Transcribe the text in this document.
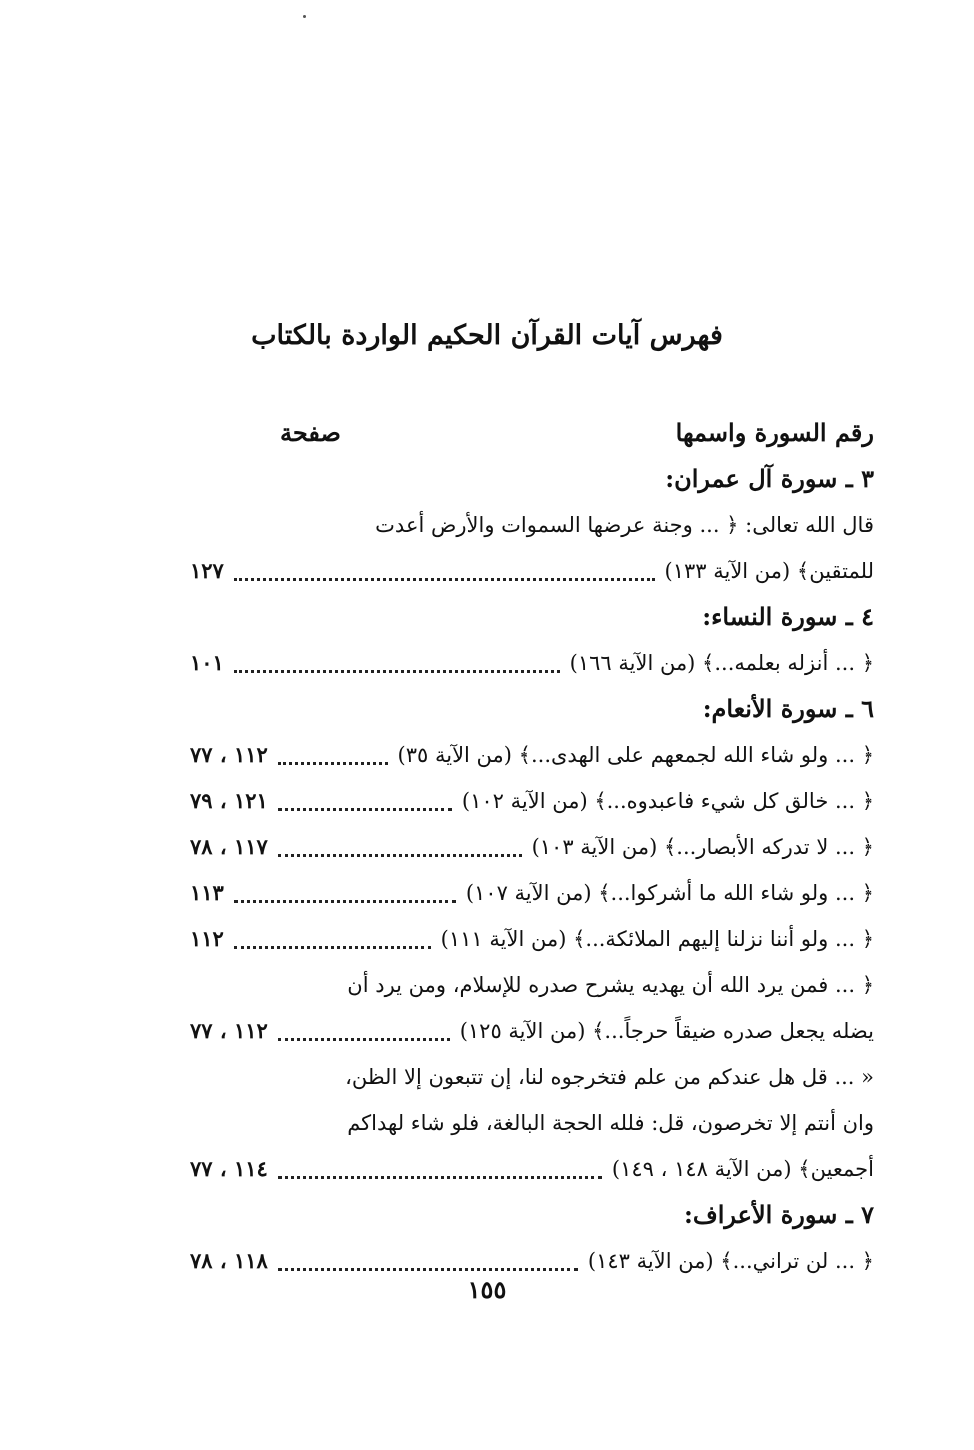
فهرس آيات القرآن الحكيم الواردة بالكتاب
رقم السورة واسمها
صفحة
٣ ـ سورة آل عمران:
قال الله تعالى: ﴿ ... وجنة عرضها السموات والأرض أعدت
للمتقين﴾ (من الآية ١٣٣)
١٢٧
٤ ـ سورة النساء:
﴿ ... أنزله بعلمه...﴾ (من الآية ١٦٦)
١٠١
٦ ـ سورة الأنعام:
﴿ ... ولو شاء الله لجمعهم على الهدى...﴾ (من الآية ٣٥)
١١٢ ، ٧٧
﴿ ... خالق كل شيء فاعبدوه...﴾ (من الآية ١٠٢)
١٢١ ، ٧٩
﴿ ... لا تدركه الأبصار...﴾ (من الآية ١٠٣)
١١٧ ، ٧٨
﴿ ... ولو شاء الله ما أشركوا...﴾ (من الآية ١٠٧)
١١٣
﴿ ... ولو أننا نزلنا إليهم الملائكة...﴾ (من الآية ١١١)
١١٢
﴿ ... فمن يرد الله أن يهديه يشرح صدره للإسلام، ومن يرد أن
يضله يجعل صدره ضيقاً حرجاً...﴾ (من الآية ١٢٥)
١١٢ ، ٧٧
« ... قل هل عندكم من علم فتخرجوه لنا، إن تتبعون إلا الظن،
وان أنتم إلا تخرصون، قل: فلله الحجة البالغة، فلو شاء لهداكم
أجمعين﴾ (من الآية ١٤٨ ، ١٤٩)
١١٤ ، ٧٧
٧ ـ سورة الأعراف:
﴿ ... لن تراني...﴾ (من الآية ١٤٣)
١١٨ ، ٧٨
١٥٥
